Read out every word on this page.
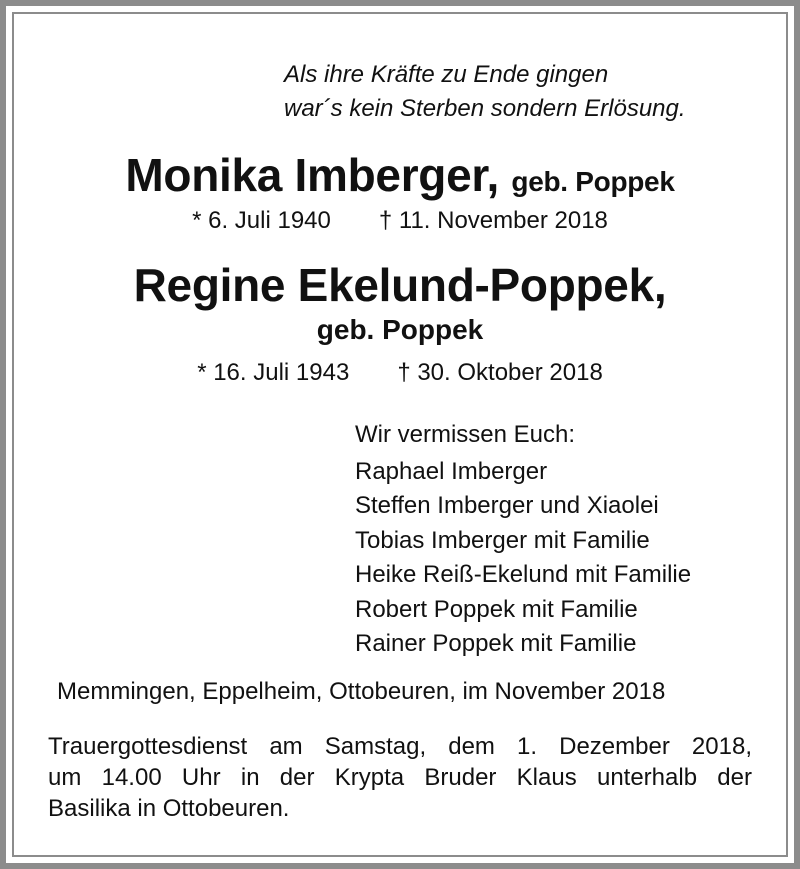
Als ihre Kräfte zu Ende gingen
war´s kein Sterben sondern Erlösung.
Monika Imberger, geb. Poppek
* 6. Juli 1940 † 11. November 2018
Regine Ekelund-Poppek,
geb. Poppek
* 16. Juli 1943 † 30. Oktober 2018
Wir vermissen Euch:
Raphael Imberger
Steffen Imberger und Xiaolei
Tobias Imberger mit Familie
Heike Reiß-Ekelund mit Familie
Robert Poppek mit Familie
Rainer Poppek mit Familie
Memmingen, Eppelheim, Ottobeuren, im November 2018
Trauergottesdienst am Samstag, dem 1. Dezember 2018,
um 14.00 Uhr in der Krypta Bruder Klaus unterhalb der
Basilika in Ottobeuren.
